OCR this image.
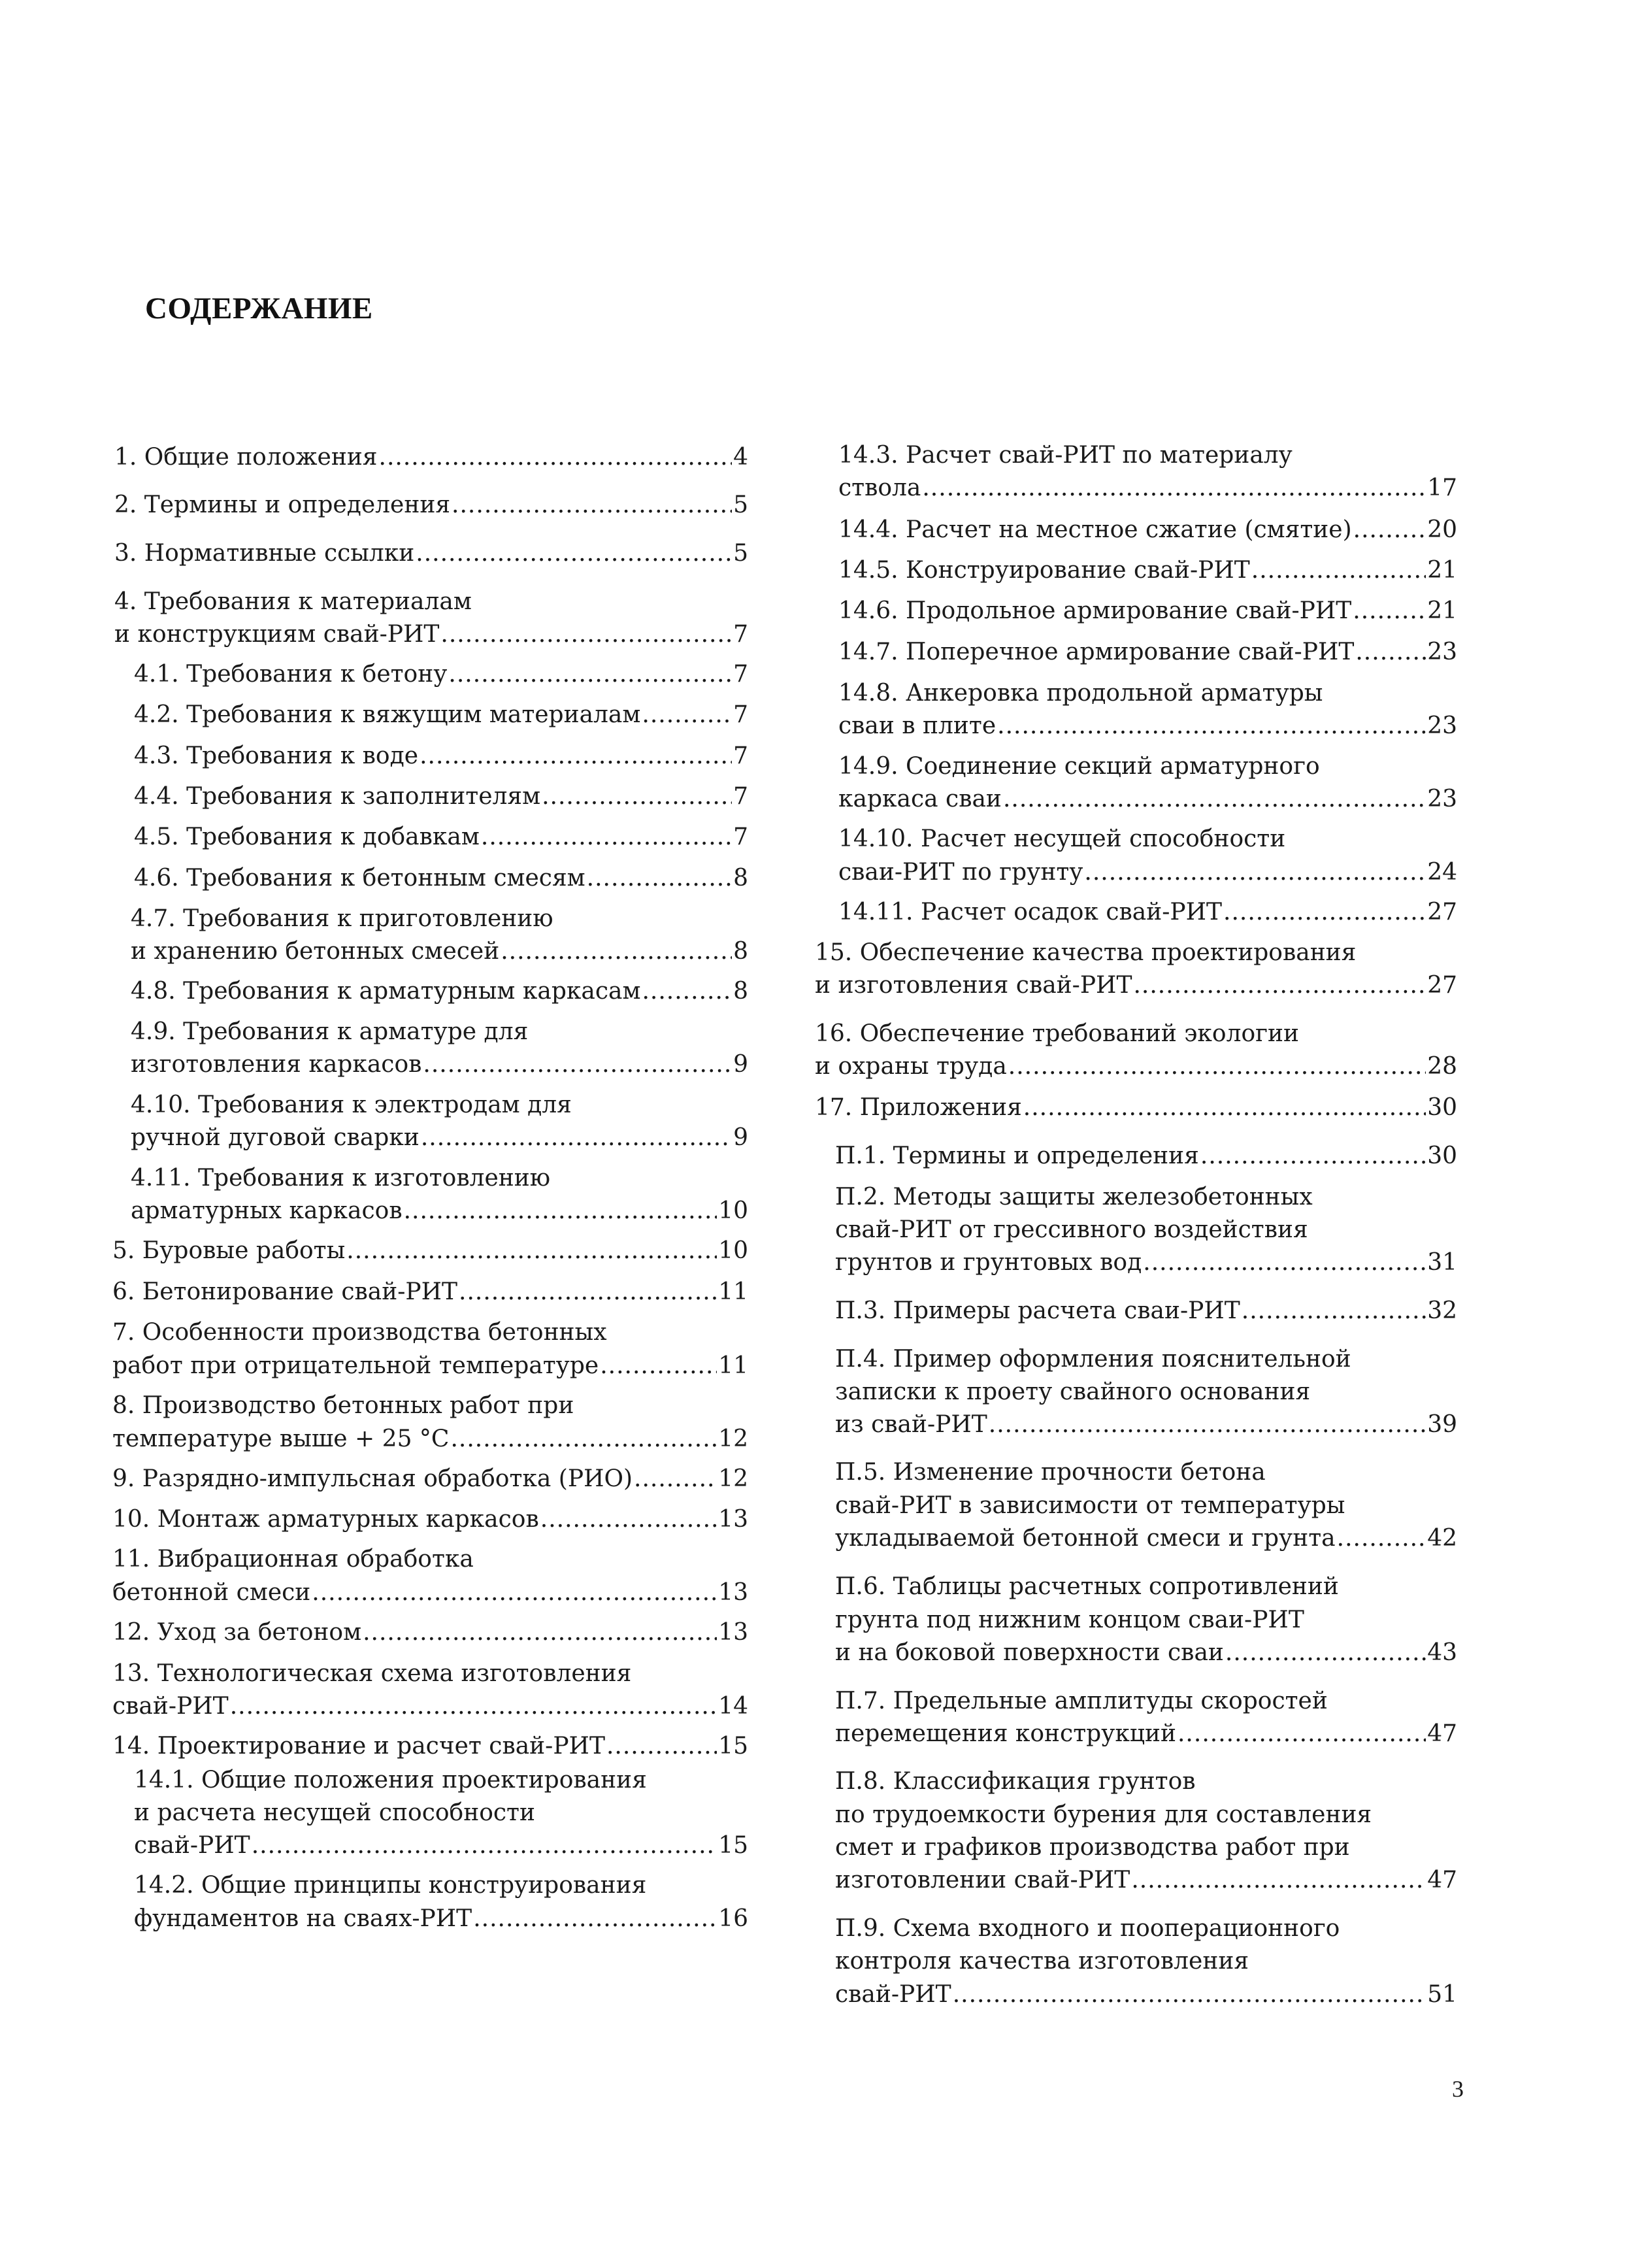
СОДЕРЖАНИЕ
1. Общие положения .....	4
2. Термины и определения .....	5
3. Нормативные ссылки .....	5
4. Требования к материалам
и конструкциям свай-РИТ .....	7
4.1. Требования к бетону .....	7
4.2. Требования к вяжущим материалам .....	7
4.3. Требования к воде .....	7
4.4. Требования к заполнителям .....	7
4.5. Требования к добавкам .....	7
4.6. Требования к бетонным смесям .....	8
4.7. Требования к приготовлению
и хранению бетонных смесей .....	8
4.8. Требования к арматурным каркасам .....	8
4.9. Требования к арматуре для
изготовления каркасов .....	9
4.10. Требования к электродам для
ручной дуговой сварки .....	9
4.11. Требования к изготовлению
арматурных каркасов .....	10
5. Буровые работы .....	10
6. Бетонирование свай-РИТ .....	11
7. Особенности производства бетонных
работ при отрицательной температуре .....	11
8. Производство бетонных работ при
температуре выше + 25 °С .....	12
9. Разрядно-импульсная обработка (РИО) .....	12
10. Монтаж арматурных каркасов .....	13
11. Вибрационная обработка
бетонной смеси .....	13
12. Уход за бетоном .....	13
13. Технологическая схема изготовления
свай-РИТ .....	14
14. Проектирование и расчет свай-РИТ .....	15
14.1. Общие положения проектирования
и расчета несущей способности
свай-РИТ .....	15
14.2. Общие принципы конструирования
фундаментов на сваях-РИТ .....	16
14.3. Расчет свай-РИТ по материалу
ствола .....	17
14.4. Расчет на местное сжатие (смятие) .....	20
14.5. Конструирование свай-РИТ .....	21
14.6. Продольное армирование свай-РИТ .....	21
14.7. Поперечное армирование свай-РИТ .....	23
14.8. Анкеровка продольной арматуры
сваи в плите .....	23
14.9. Соединение секций арматурного
каркаса сваи .....	23
14.10. Расчет несущей способности
сваи-РИТ по грунту .....	24
14.11. Расчет осадок свай-РИТ .....	27
15. Обеспечение качества проектирования
и изготовления свай-РИТ .....	27
16. Обеспечение требований экологии
и охраны труда .....	28
17. Приложения .....	30
П.1. Термины и определения .....	30
П.2. Методы защиты железобетонных
свай-РИТ от грессивного воздействия
грунтов и грунтовых вод .....	31
П.3. Примеры расчета сваи-РИТ .....	32
П.4. Пример оформления пояснительной
записки к проету свайного основания
из свай-РИТ .....	39
П.5. Изменение прочности бетона
свай-РИТ в зависимости от температуры
укладываемой бетонной смеси и грунта .....	42
П.6. Таблицы расчетных сопротивлений
грунта под нижним концом сваи-РИТ
и на боковой поверхности сваи .....	43
П.7. Предельные амплитуды скоростей
перемещения конструкций .....	47
П.8. Классификация грунтов
по трудоемкости бурения для составления
смет и графиков производства работ при
изготовлении свай-РИТ .....	47
П.9. Схема входного и пооперационного
контроля качества изготовления
свай-РИТ .....	51
3
